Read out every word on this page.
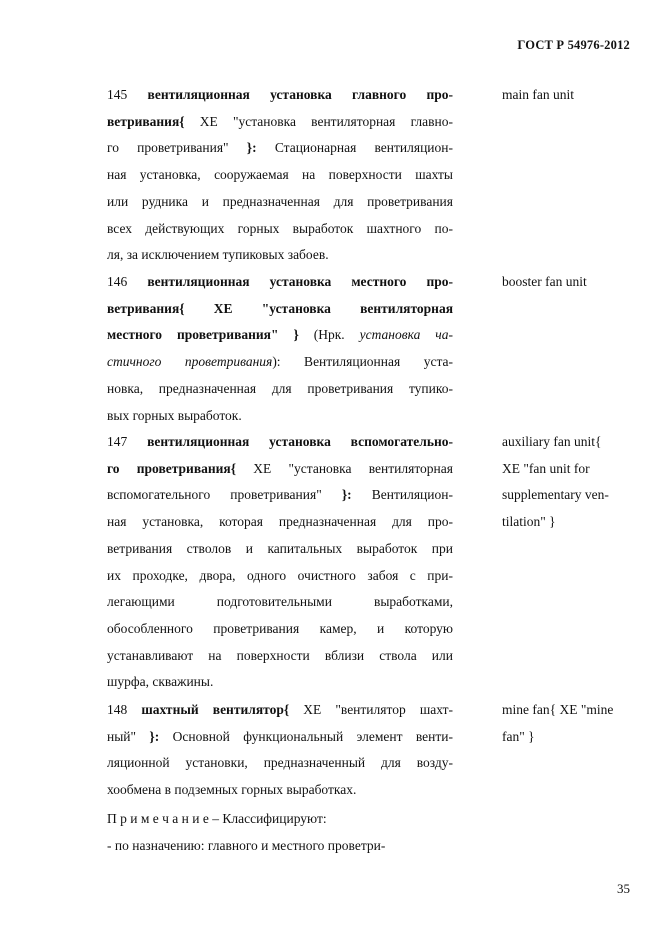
ГОСТ Р 54976-2012
145 вентиляционная установка главного про-
ветривания{ XE "установка вентиляторная главно-
го проветривания" }: Стационарная вентиляцион-
ная установка, сооружаемая на поверхности шахты
или рудника и предназначенная для проветривания
всех действующих горных выработок шахтного по-
ля, за исключением тупиковых забоев.
main fan unit
146 вентиляционная установка местного про-
ветривания{ XE "установка вентиляторная
местного проветривания" } (Нрк. установка ча-
стичного проветривания): Вентиляционная уста-
новка, предназначенная для проветривания тупико-
вых горных выработок.
booster fan unit
147 вентиляционная установка вспомогательно-
го проветривания{ XE "установка вентиляторная
вспомогательного проветривания" }: Вентиляцион-
ная установка, которая предназначенная для про-
ветривания стволов и капитальных выработок при
их проходке, двора, одного очистного забоя с при-
легающими подготовительными выработками,
обособленного проветривания камер, и которую
устанавливают на поверхности вблизи ствола или
шурфа, скважины.
auxiliary fan unit{
XE "fan unit for
supplementary ven-
tilation" }
148 шахтный вентилятор{ XE "вентилятор шахт-
ный" }: Основной функциональный элемент венти-
ляционной установки, предназначенный для возду-
хообмена в подземных горных выработках.
mine fan{ XE "mine
fan" }
П р и м е ч а н и е – Классифицируют:
- по назначению: главного и местного проветри-
35
